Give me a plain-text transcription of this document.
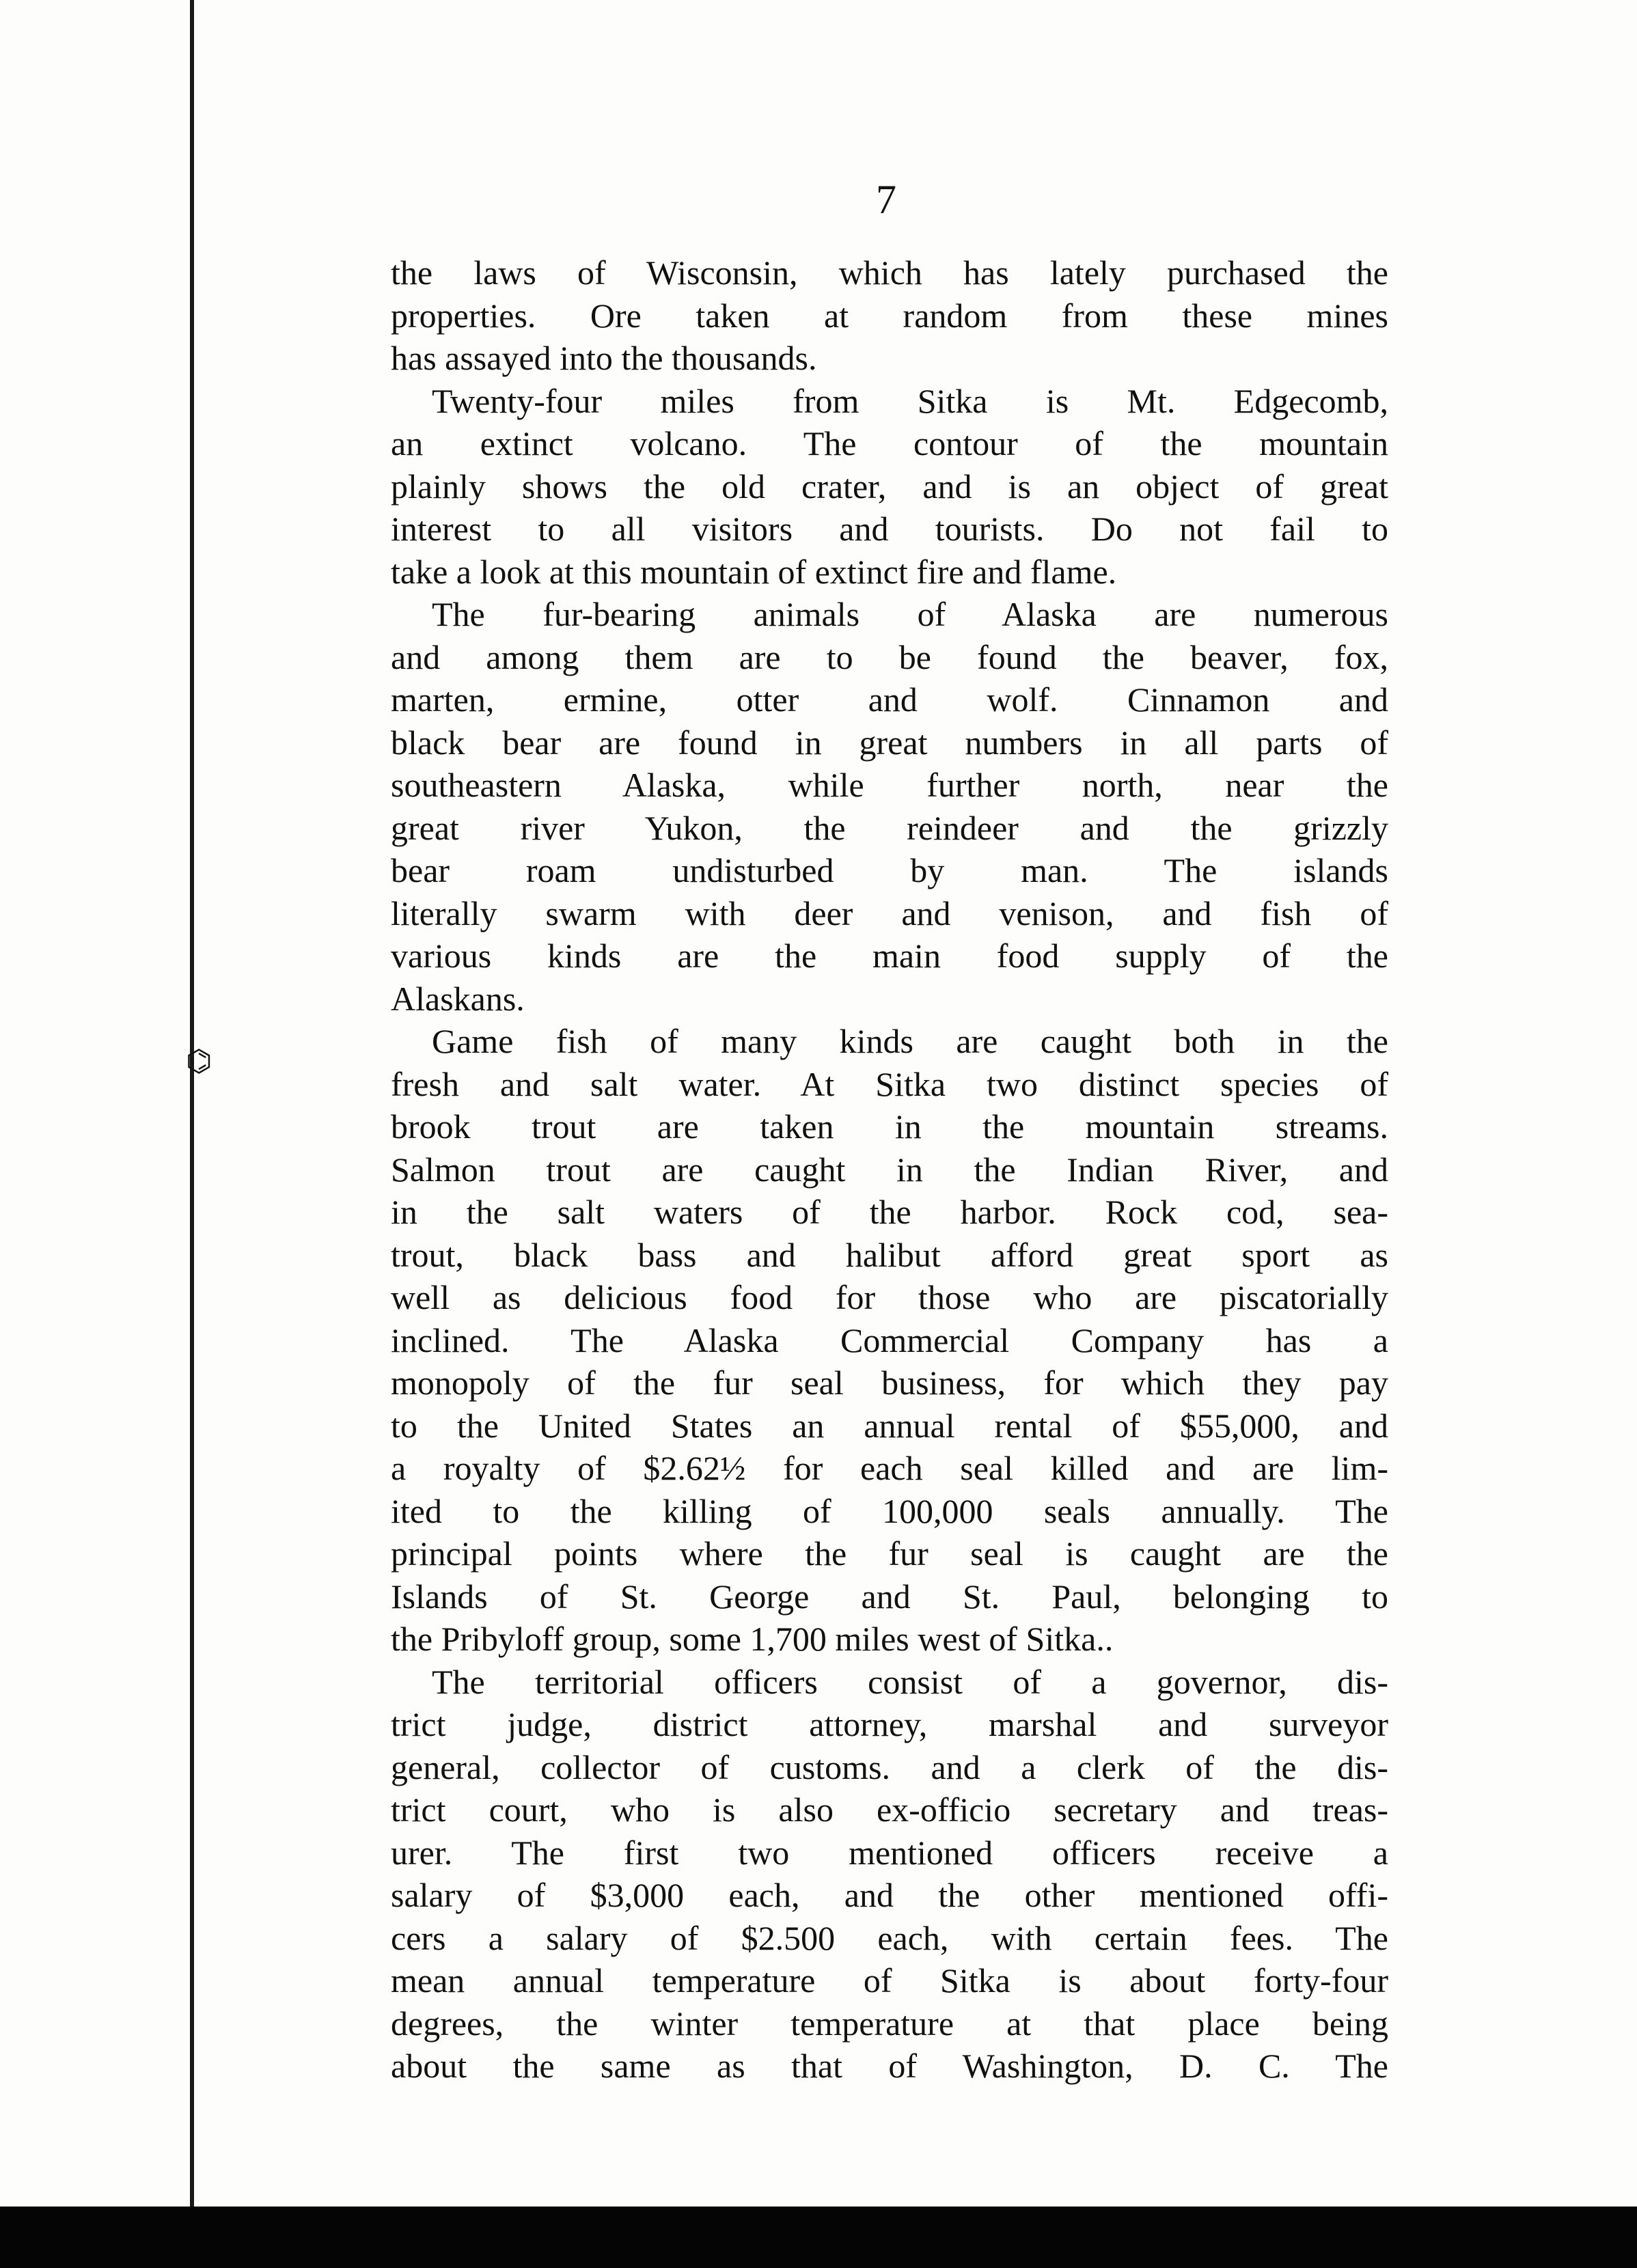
⌬
7
the laws of Wisconsin, which has lately purchased the
properties. Ore taken at random from these mines
has assayed into the thousands.
Twenty-four miles from Sitka is Mt. Edgecomb,
an extinct volcano. The contour of the mountain
plainly shows the old crater, and is an object of great
interest to all visitors and tourists. Do not fail to
take a look at this mountain of extinct fire and flame.
The fur-bearing animals of Alaska are numerous
and among them are to be found the beaver, fox,
marten, ermine, otter and wolf. Cinnamon and
black bear are found in great numbers in all parts of
southeastern Alaska, while further north, near the
great river Yukon, the reindeer and the grizzly
bear roam undisturbed by man. The islands
literally swarm with deer and venison, and fish of
various kinds are the main food supply of the
Alaskans.
Game fish of many kinds are caught both in the
fresh and salt water. At Sitka two distinct species of
brook trout are taken in the mountain streams.
Salmon trout are caught in the Indian River, and
in the salt waters of the harbor. Rock cod, sea-
trout, black bass and halibut afford great sport as
well as delicious food for those who are piscatorially
inclined. The Alaska Commercial Company has a
monopoly of the fur seal business, for which they pay
to the United States an annual rental of $55,000, and
a royalty of $2.62½ for each seal killed and are lim-
ited to the killing of 100,000 seals annually. The
principal points where the fur seal is caught are the
Islands of St. George and St. Paul, belonging to
the Pribyloff group, some 1,700 miles west of Sitka..
The territorial officers consist of a governor, dis-
trict judge, district attorney, marshal and surveyor
general, collector of customs. and a clerk of the dis-
trict court, who is also ex-officio secretary and treas-
urer. The first two mentioned officers receive a
salary of $3,000 each, and the other mentioned offi-
cers a salary of $2.500 each, with certain fees. The
mean annual temperature of Sitka is about forty-four
degrees, the winter temperature at that place being
about the same as that of Washington, D. C. The
